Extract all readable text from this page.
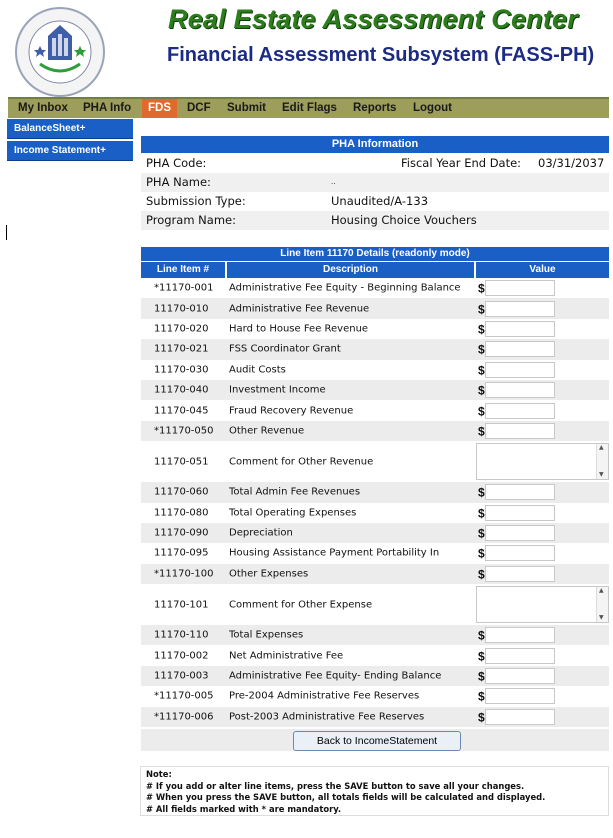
Real Estate Assessment Center
Financial Assessment Subsystem (FASS-PH)
My Inbox PHA Info	FDS	DCF Submit Edit Flags Reports Logout
BalanceSheet+
Income Statement+
PHA Information
PHA Code:	Fiscal Year End Date: 03/31/2037
PHA Name:	..
Submission Type:	Unaudited/A-133
Program Name:	Housing Choice Vouchers
Line Item 11170 Details (readonly mode)
Line Item #	Description	Value
*11170-001 Administrative Fee Equity - Beginning Balance $
11170-010 Administrative Fee Revenue	$
11170-020 Hard to House Fee Revenue	$
11170-021 FSS Coordinator Grant	$
11170-030 Audit Costs	$
11170-040 Investment Income	$
11170-045 Fraud Recovery Revenue	$
*11170-050 Other Revenue	$
11170-051 Comment for Other Revenue
▲
▼
11170-060 Total Admin Fee Revenues	$
11170-080 Total Operating Expenses	$
11170-090 Depreciation	$
11170-095 Housing Assistance Payment Portability In	$
*11170-100 Other Expenses	$
11170-101 Comment for Other Expense
▲
▼
11170-110 Total Expenses	$
11170-002 Net Administrative Fee	$
11170-003 Administrative Fee Equity- Ending Balance	$
*11170-005 Pre-2004 Administrative Fee Reserves	$
*11170-006 Post-2003 Administrative Fee Reserves	$
Back to IncomeStatement
Note:
# If you add or alter line items, press the SAVE button to save all your changes.
# When you press the SAVE button, all totals fields will be calculated and displayed.
# All fields marked with * are mandatory.
